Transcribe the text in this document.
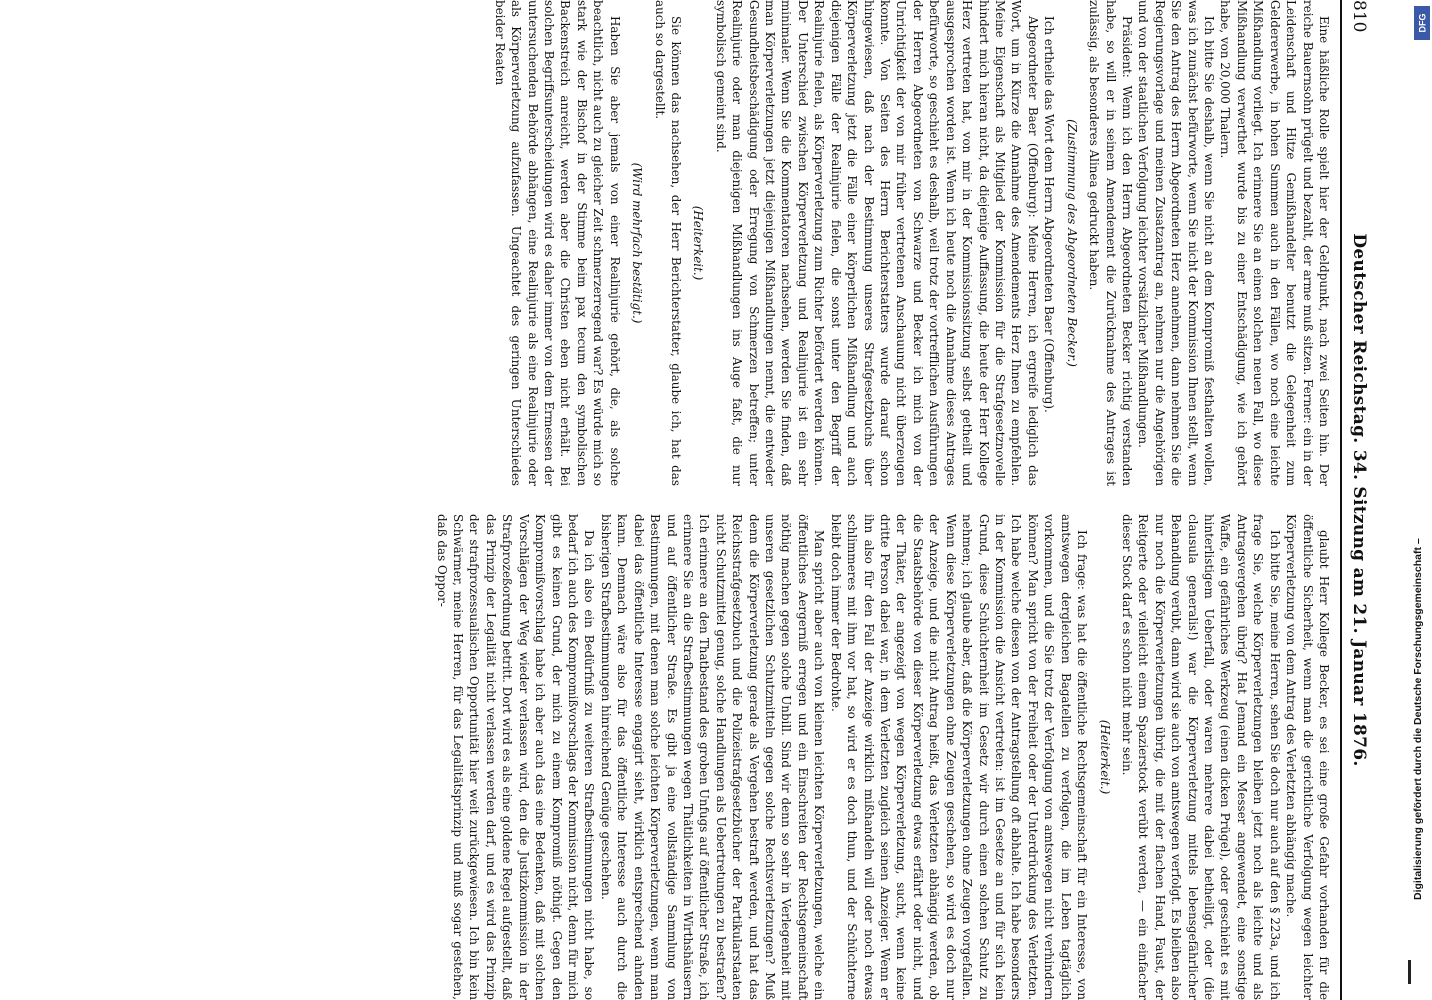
810
Deutscher Reichstag. 34. Sitzung am 21. Januar 1876.

Eine häßliche Rolle spielt hier der Geldpunkt, nach zwei Seiten hin. Der reiche Bauernsohn prügelt und bezahlt, der arme muß sitzen. Ferner: ein in der Leidenschaft und Hitze Gemißhandelter benutzt die Gelegenheit zum Geldererwerbe, in hohen Summen auch in den Fällen, wo noch eine leichte Mißhandlung vorliegt. Ich erinnere Sie an einen solchen neuen Fall, wo diese Mißhandlung verwerthet wurde bis zu einer Entschädigung, wie ich gehört habe, von 20,000 Thalern.

Ich bitte Sie deshalb, wenn Sie nicht an dem Kompromiß festhalten wollen, was ich zunächst befürworte, wenn Sie nicht der Kommission Ihnen stellt, wenn Sie den Antrag des Herrn Abgeordneten Herz annehmen, dann nehmen Sie die Regierungsvorlage und meinen Zusatzantrag an, nehmen nur die Angehörigen und von der staatlichen Verfolgung leichter vorsätzlicher Mißhandlungen.

Präsident: Wenn ich den Herrn Abgeordneten Becker richtig verstanden habe, so will er in seinem Amendement die Zurücknahme des Antrages ist zulässig, als besonderes Alinea gedruckt haben.

(Zustimmung des Abgeordneten Becker.)

Ich ertheile das Wort dem Herrn Abgeordneten Baer (Offenburg).

Abgeordneter Baer (Offenburg): Meine Herren, ich ergreife lediglich das Wort, um in Kürze die Annahme des Amendements Herz Ihnen zu empfehlen. Meine Eigenschaft als Mitglied der Kommission für die Strafgesetznovelle hindert mich hieran nicht, da diejenige Auffassung, die heute der Herr Kollege Herz vertreten hat, von mir in der Kommissionssitzung selbst getheilt und ausgesprochen worden ist. Wenn ich heute noch die Annahme dieses Antrages befürworte, so geschieht es deshalb, weil trotz der vortrefflichen Ausführungen der Herren Abgeordneten von Schwarze und Becker ich mich von der Unrichtigkeit der von mir früher vertretenen Anschauung nicht überzeugen konnte. Von Seiten des Herrn Berichterstatters wurde darauf schon hingewiesen, daß nach der Bestimmung unseres Strafgesetzbuchs über Körperverletzung jetzt die Fälle einer körperlichen Mißhandlung und auch diejenigen Fälle der Realinjurie fielen, die sonst unter den Begriff der Realinjurie fielen, als Körperverletzung zum Richter befördert werden können. Der Unterschied zwischen Körperverletzung und Realinjurie ist ein sehr minimaler. Wenn Sie die Kommentatoren nachsehen, werden Sie finden, daß man Körperverletzungen jetzt diejenigen Mißhandlungen nennt, die entweder Gesundheitsbeschädigung oder Erregung von Schmerzen betreffen; unter Realinjurie oder man diejenigen Mißhandlungen ins Auge faßt, die nur symbolisch gemeint sind.

(Heiterkeit.)

Sie können das nachsehen, der Herr Berichterstatter, glaube ich, hat das auch so dargestellt.

(Wird mehrfach bestätigt.)

Haben Sie aber jemals von einer Realinjurie gehört, die, als solche beachtlich, nicht auch zu gleicher Zeit schmerzerregend war? Es würde mich so stark wie der Bischof in der Stimme beim pax tecum den symbolischen Backenstreich anreicht, werden aber die Christen eben nicht erhält. Bei solchen Begriffsunterscheidungen wird es daher immer von dem Ermessen der untersuchenden Behörde abhängen, eine Realinjurie als eine Realinjurie oder als Körperverletzung aufzufassen. Ungeachtet des geringen Unterschiedes beider Reaten

glaubt Herr Kollege Becker, es sei eine große Gefahr vorhanden für die öffentliche Sicherheit, wenn man die gerichtliche Verfolgung wegen leichter Körperverletzung von dem Antrag des Verletzten abhängig mache.

Ich bitte Sie, meine Herren, sehen Sie doch nur auch auf den § 223a, und ich frage Sie, welche Körperverletzungen bleiben jetzt noch als leichte und als Antragsvergehen übrig? Hat Jemand ein Messer angewendet, eine sonstige Waffe, ein gefährliches Werkzeug (einen dicken Prügel), oder geschieht es mit hinterlistigem Ueberfall, oder waren mehrere dabei betheiligt, oder (die clausula generalis!) war die Körperverletzung mittels lebensgefährlicher Behandlung verübt, dann wird sie auch von amtswegen verfolgt. Es bleiben also nur noch die Körperverletzungen übrig, die mit der flachen Hand, Faust, der Reitgerte oder vielleicht einem Spazierstock verübt werden, — ein einfacher dieser Stock darf es schon nicht mehr sein.

(Heiterkeit.)

Ich frage: was hat die öffentliche Rechtsgemeinschaft für ein Interesse, von amtswegen dergleichen Bagatellen zu verfolgen, die im Leben tagtäglich vorkommen, und die Sie trotz der Verfolgung von amtswegen nicht verhindern können? Man spricht von der Freiheit oder der Unterdrückung des Verletzten. Ich habe welche diesen von der Antragstellung oft abhalte. Ich habe besonders in der Kommission die Ansicht vertreten: ist im Gesetze an und für sich kein Grund, diese Schüchternheit im Gesetz wir durch einen solchen Schutz zu nehmen; ich glaube aber, daß die Körperverletzungen ohne Zeugen vorgefallen. Wenn diese Körperverletzungen ohne Zeugen geschehen, so wird es doch nur der Anzeige, und die nicht Antrag heißt, das Verletzten abhängig werden, ob die Staatsbehörde von dieser Körperverletzung etwas erfährt oder nicht, und der Thäter, der angezeigt von wegen Körperverletzung, sucht, wenn keine dritte Person dabei war, in dem Verletzten zugleich seinen Anzeiger. Wenn er ihn also für den Fall der Anzeige wirklich mißhandeln will oder noch etwas schlimmeres mit ihm vor hat, so wird er es doch thun, und der Schüchterne bleibt doch immer der Bedrohte.

Man spricht aber auch von kleinen leichten Körperverletzungen, welche ein öffentliches Aergerniß erregen und ein Einschreiten der Rechtsgemeinschaft nöthig machen gegen solche Unbill. Sind wir denn so sehr in Verlegenheit mit unseren gesetzlichen Schutzmitteln gegen solche Rechtsverletzungen? Muß denn die Körperverletzung gerade als Vergehen bestraft werden, und hat das Reichsstrafgesetzbuch und die Polizeistrafgesetzbücher der Partikularstaaten nicht Schutzmittel genug, solche Handlungen als Uebertretungen zu bestrafen? Ich erinnere an den Thatbestand des groben Unfugs auf öffentlicher Straße, ich erinnere Sie an die Strafbestimmungen wegen Thätlichkeiten in Wirthshäusern und auf öffentlicher Straße. Es gibt ja eine vollständige Sammlung von Bestimmungen, mit denen man solche leichten Körperverletzungen, wenn man dabei das öffentliche Interesse engagirt sieht, wirklich entsprechend ahnden kann. Demnach wäre also für das öffentliche Interesse auch durch die bisherigen Strafbestimmungen hinreichend Genüge geschehen.

Da ich also ein Bedürfniß zu weiteren Strafbestimmungen nicht habe, so bedarf ich auch des Kompromißvorschlags der Kommission nicht, denn für mich gibt es keinen Grund, der mich zu einem Kompromiß nöthigt. Gegen den Kompromißvorschlag habe ich aber auch das eine Bedenken, daß mit solchen Vorschlägen der Weg wieder verlassen wird, den die Justizkommission in der Strafprozeßordnung betritt. Dort wird es als eine goldene Regel aufgestellt, daß das Prinzip der Legalität nicht verlassen werden darf, und es wird das Prinzip der strafprozessualischen Opportunität hier weit zurückgewiesen. Ich bin kein Schwärmer, meine Herren, für das Legalitätsprinzip und muß sogar gestehen, daß das Oppor-	Digitalisierung gefördert durch die Deutsche Forschungsgemeinschaft –
DFG
